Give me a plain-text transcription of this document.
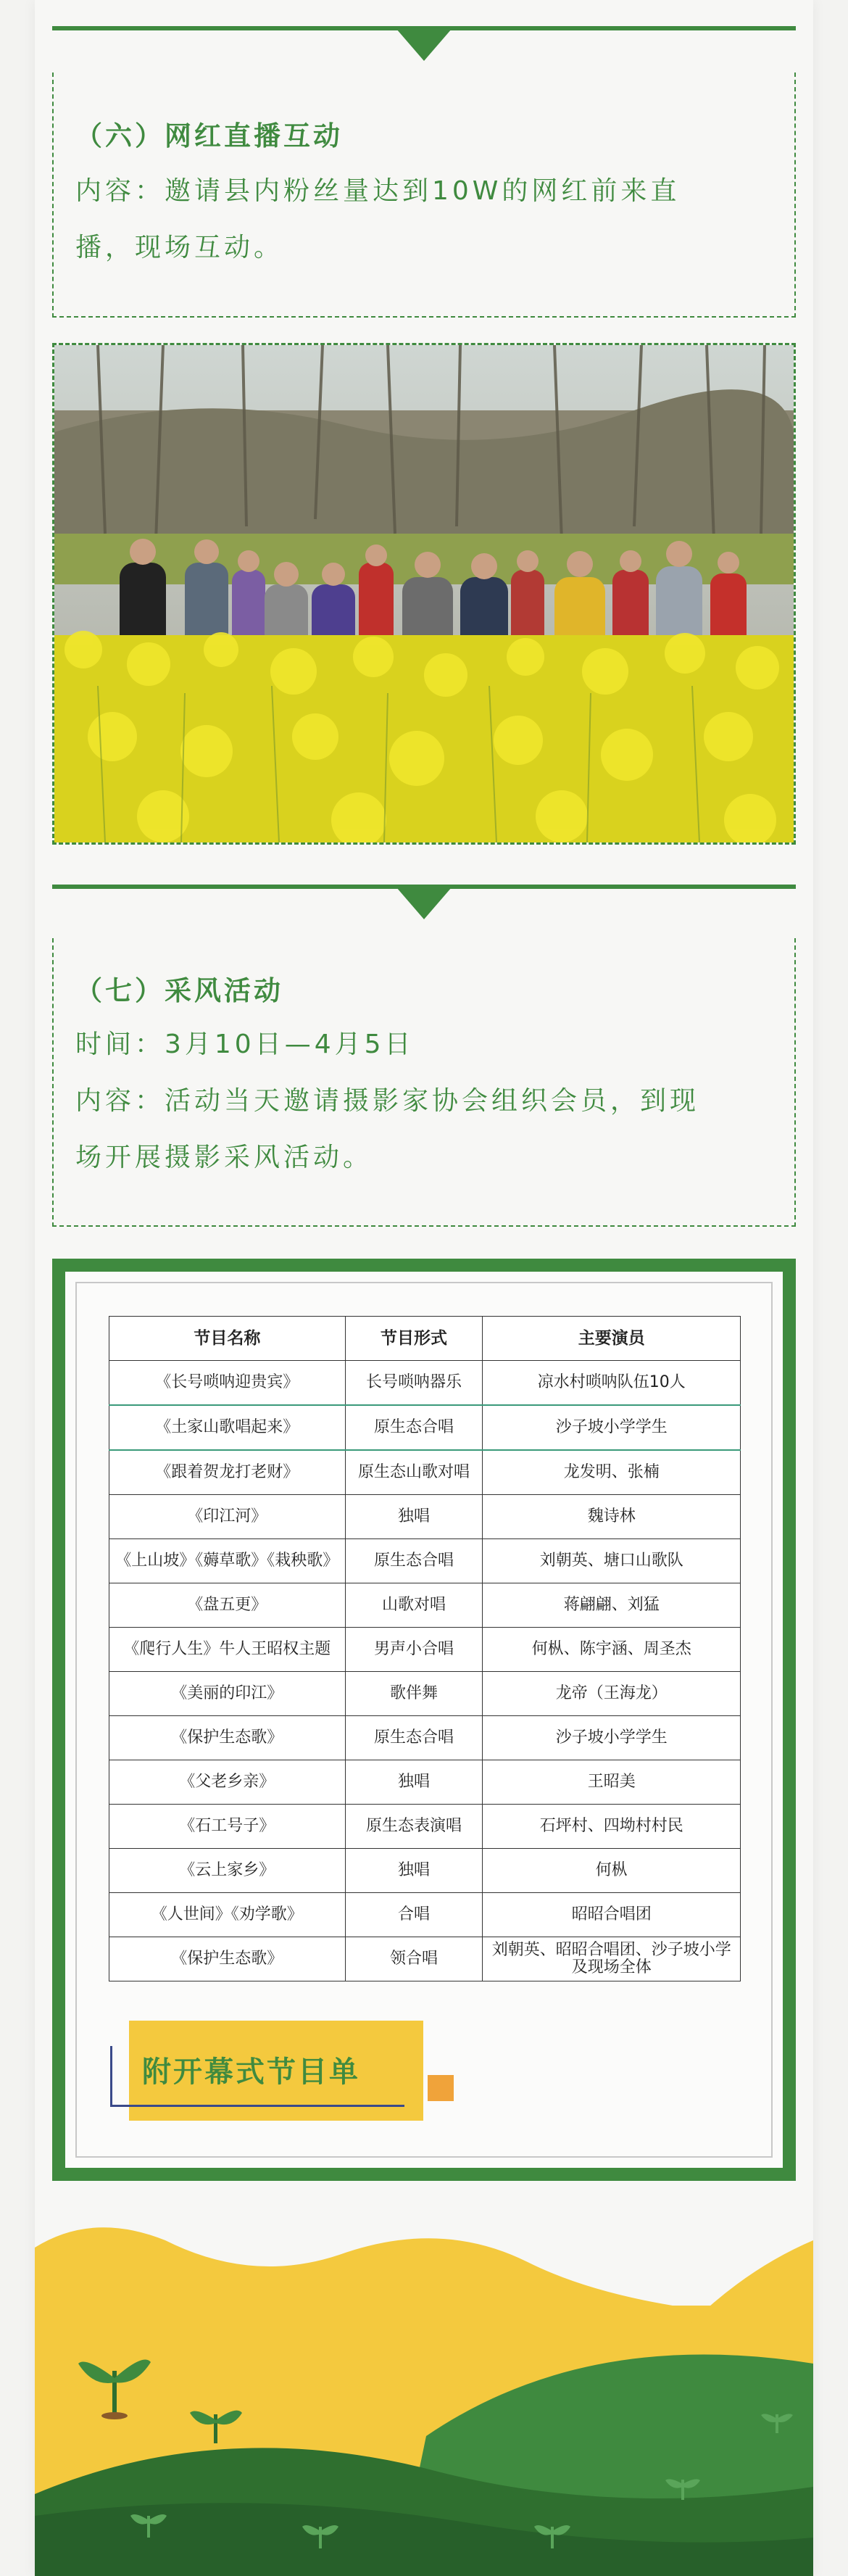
（六）网红直播互动
内容：邀请县内粉丝量达到10W的网红前来直
播，现场互动。
（七）采风活动
时间：3月10日—4月5日
内容：活动当天邀请摄影家协会组织会员，到现
场开展摄影采风活动。
节目名称	节目形式	主要演员
《长号唢呐迎贵宾》	长号唢呐器乐	凉水村唢呐队伍10人
《土家山歌唱起来》	原生态合唱	沙子坡小学学生
《跟着贺龙打老财》	原生态山歌对唱	龙发明、张楠
《印江河》	独唱	魏诗林
《上山坡》《薅草歌》《栽秧歌》	原生态合唱	刘朝英、塘口山歌队
《盘五更》	山歌对唱	蒋翩翩、刘猛
《爬行人生》牛人王昭权主题	男声小合唱	何枞、陈宇涵、周圣杰
《美丽的印江》	歌伴舞	龙帝（王海龙）
《保护生态歌》	原生态合唱	沙子坡小学学生
《父老乡亲》	独唱	王昭美
《石工号子》	原生态表演唱	石坪村、四坳村村民
《云上家乡》	独唱	何枞
《人世间》《劝学歌》	合唱	昭昭合唱团
《保护生态歌》	领合唱	刘朝英、昭昭合唱团、沙子坡小学及现场全体
附开幕式节目单
